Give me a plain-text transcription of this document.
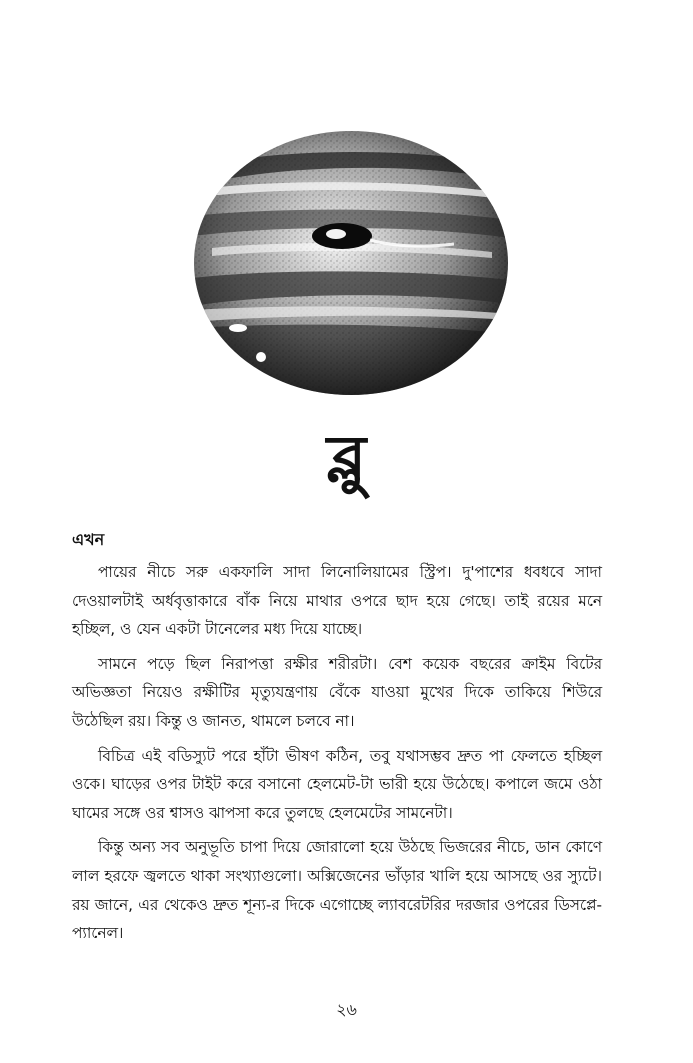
ব্লু
এখন

পায়ের নীচে সরু একফালি সাদা লিনোলিয়ামের স্ট্রিপ। দু'পাশের ধবধবে সাদা দেওয়ালটাই অর্ধবৃত্তাকারে বাঁক নিয়ে মাথার ওপরে ছাদ হয়ে গেছে। তাই রয়ের মনে হচ্ছিল, ও যেন একটা টানেলের মধ্য দিয়ে যাচ্ছে।

সামনে পড়ে ছিল নিরাপত্তা রক্ষীর শরীরটা। বেশ কয়েক বছরের ক্রাইম বিটের অভিজ্ঞতা নিয়েও রক্ষীটির মৃত্যুযন্ত্রণায় বেঁকে যাওয়া মুখের দিকে তাকিয়ে শিউরে উঠেছিল রয়। কিন্তু ও জানত, থামলে চলবে না।

বিচিত্র এই বডিস্যুট পরে হাঁটা ভীষণ কঠিন, তবু যথাসম্ভব দ্রুত পা ফেলতে হচ্ছিল ওকে। ঘাড়ের ওপর টাইট করে বসানো হেলমেট-টা ভারী হয়ে উঠেছে। কপালে জমে ওঠা ঘামের সঙ্গে ওর শ্বাসও ঝাপসা করে তুলছে হেলমেটের সামনেটা।

কিন্তু অন্য সব অনুভূতি চাপা দিয়ে জোরালো হয়ে উঠছে ভিজরের নীচে, ডান কোণে লাল হরফে জ্বলতে থাকা সংখ্যাগুলো। অক্সিজেনের ভাঁড়ার খালি হয়ে আসছে ওর স্যুটে। রয় জানে, এর থেকেও দ্রুত শূন্য-র দিকে এগোচ্ছে ল্যাবরেটরির দরজার ওপরের ডিসপ্লে-প্যানেল।

২৬
